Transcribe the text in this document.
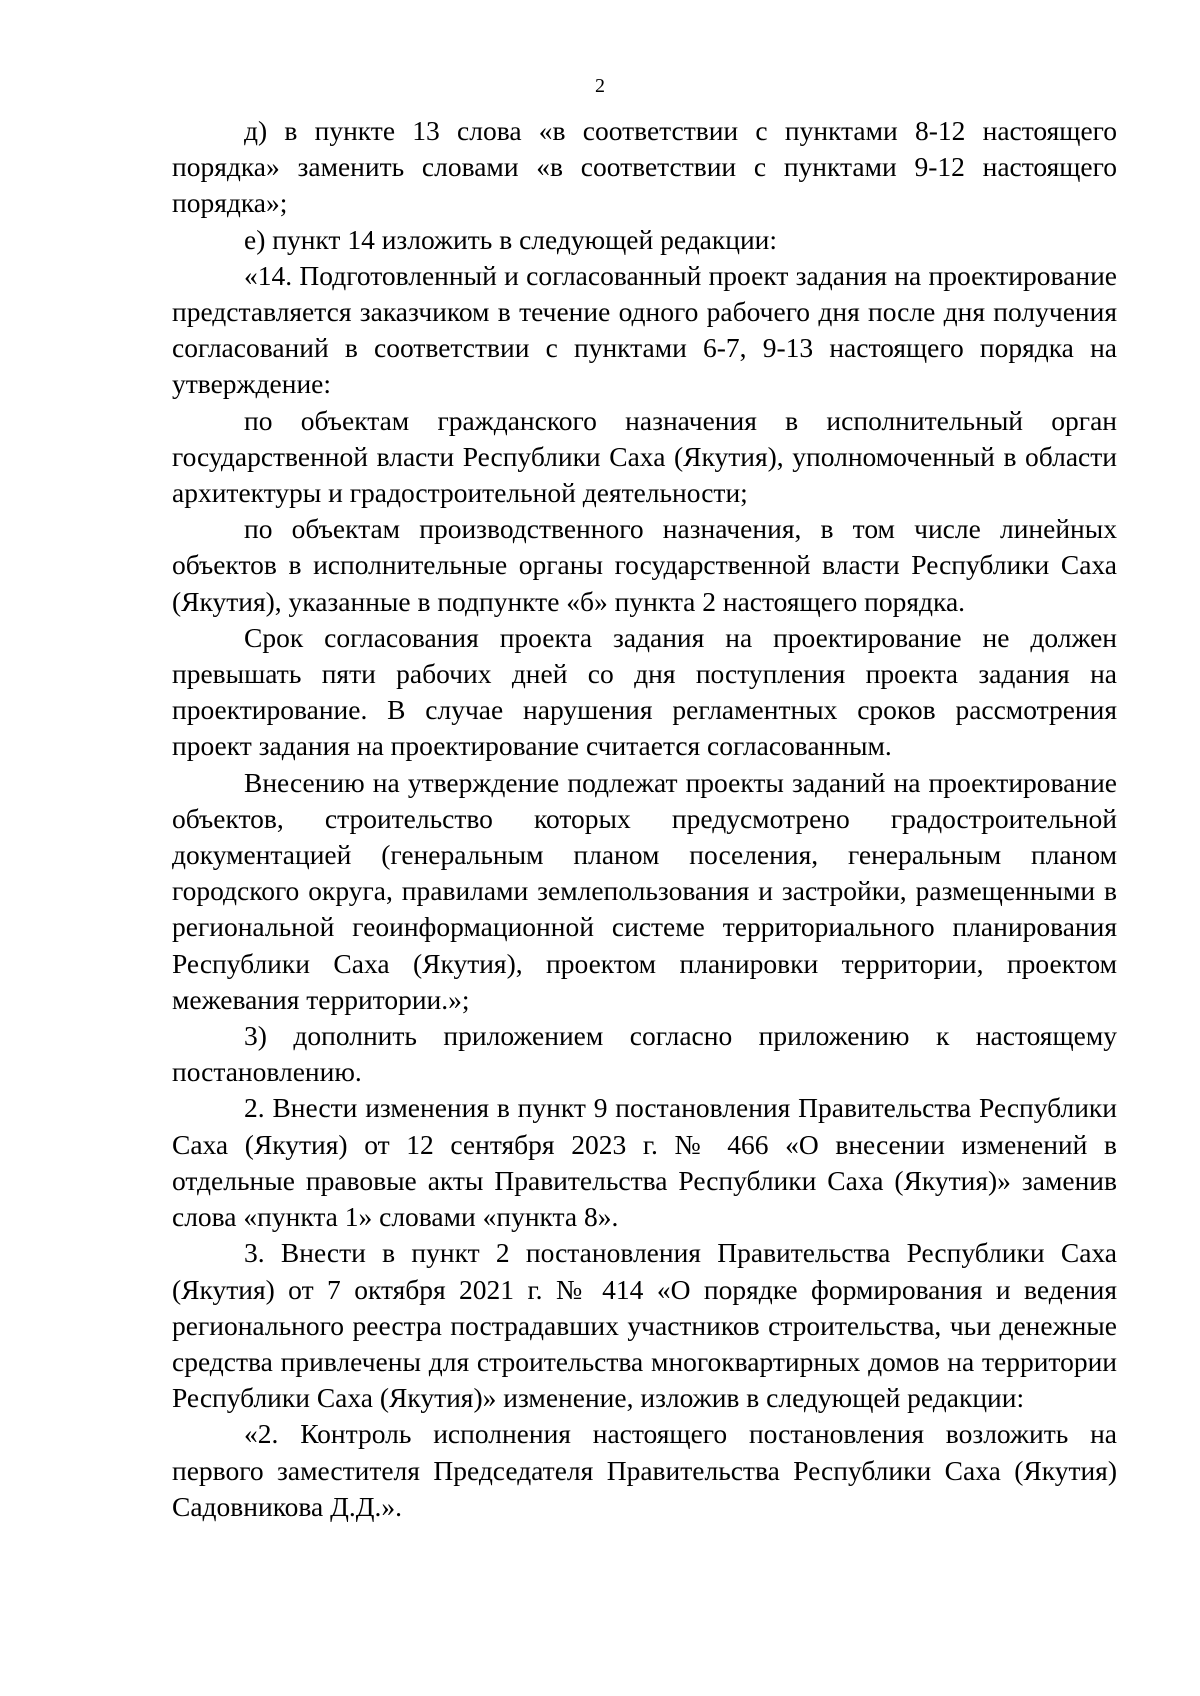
2

д) в пункте 13 слова «в соответствии с пунктами 8-12 настоящего порядка» заменить словами «в соответствии с пунктами 9-12 настоящего порядка»;

е) пункт 14 изложить в следующей редакции:

«14. Подготовленный и согласованный проект задания на проектирование представляется заказчиком в течение одного рабочего дня после дня получения согласований в соответствии с пунктами 6-7, 9-13 настоящего порядка на утверждение:

по объектам гражданского назначения в исполнительный орган государственной власти Республики Саха (Якутия), уполномоченный в области архитектуры и градостроительной деятельности;

по объектам производственного назначения, в том числе линейных объектов в исполнительные органы государственной власти Республики Саха (Якутия), указанные в подпункте «б» пункта 2 настоящего порядка.

Срок согласования проекта задания на проектирование не должен превышать пяти рабочих дней со дня поступления проекта задания на проектирование. В случае нарушения регламентных сроков рассмотрения проект задания на проектирование считается согласованным.

Внесению на утверждение подлежат проекты заданий на проектирование объектов, строительство которых предусмотрено градостроительной документацией (генеральным планом поселения, генеральным планом городского округа, правилами землепользования и застройки, размещенными в региональной геоинформационной системе территориального планирования Республики Саха (Якутия), проектом планировки территории, проектом межевания территории.»;

3) дополнить приложением согласно приложению к настоящему постановлению.

2. Внести изменения в пункт 9 постановления Правительства Республики Саха (Якутия) от 12 сентября 2023 г. № 466 «О внесении изменений в отдельные правовые акты Правительства Республики Саха (Якутия)» заменив слова «пункта 1» словами «пункта 8».

3. Внести в пункт 2 постановления Правительства Республики Саха (Якутия) от 7 октября 2021 г. № 414 «О порядке формирования и ведения регионального реестра пострадавших участников строительства, чьи денежные средства привлечены для строительства многоквартирных домов на территории Республики Саха (Якутия)» изменение, изложив в следующей редакции:

«2. Контроль исполнения настоящего постановления возложить на первого заместителя Председателя Правительства Республики Саха (Якутия) Садовникова Д.Д.».
